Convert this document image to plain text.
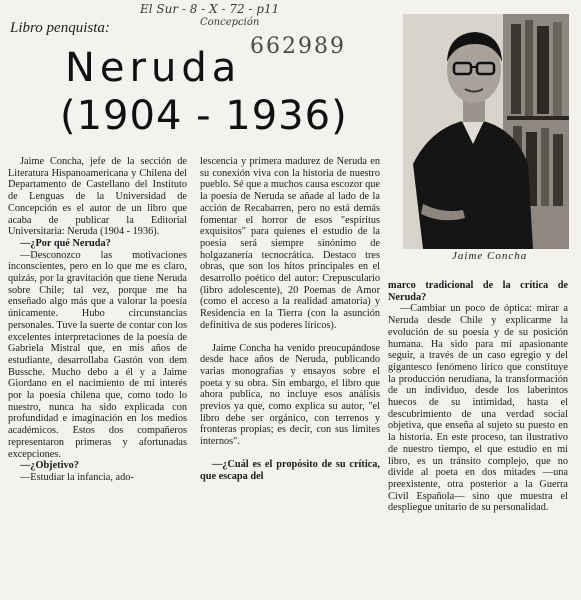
El Sur - 8 - X - 72 - p11
Concepción
662989
Libro penquista:
Neruda
(1904 - 1936)
Jaime Concha

Jaime Concha, jefe de la sección de Literatura Hispanoamericana y Chilena del Departamento de Castellano del Instituto de Lenguas de la Universidad de Concepción es el autor de un libro que acaba de publicar la Editorial Universitaria: Neruda (1904 - 1936).

—¿Por qué Neruda?

—Desconozco las motivaciones inconscientes, pero en lo que me es claro, quizás, por la gravitación que tiene Neruda sobre Chile; tal vez, porque me ha enseñado algo más que a valorar la poesía únicamente. Hubo circunstancias personales. Tuve la suerte de contar con los excelentes interpretaciones de la poesía de Gabriela Mistral que, en mis años de estudiante, desarrollaba Gastón von dem Bussche. Mucho debo a él y a Jaime Giordano en el nacimiento de mi interés por la poesía chilena que, como todo lo nuestro, nunca ha sido explicada con profundidad e imaginación en los medios académicos. Estos dos compañeros representaron primeras y afortunadas excepciones.

—¿Objetivo?

—Estudiar la infancia, ado-

lescencia y primera madurez de Neruda en su conexión viva con la historia de nuestro pueblo. Sé que a muchos causa escozor que la poesía de Neruda se añade al lado de la acción de Recabarren, pero no está demás fomentar el horror de esos "espíritus exquisitos" para quienes el estudio de la poesía será siempre sinónimo de holgazanería tecnocrática. Destaco tres obras, que son los hitos principales en el desarrollo poético del autor: Crepusculario (libro adolescente), 20 Poemas de Amor (como el acceso a la realidad amatoria) y Residencia en la Tierra (con la asunción definitiva de sus poderes líricos).

Jaime Concha ha venido preocupándose desde hace años de Neruda, publicando varias monografías y ensayos sobre el poeta y su obra. Sin embargo, el libro que ahora publica, no incluye esos análisis previos ya que, como explica su autor, "el libro debe ser orgánico, con terrenos y fronteras propias; es decir, con sus límites internos".

—¿Cuál es el propósito de su crítica, que escapa del

marco tradicional de la crítica de Neruda?

—Cambiar un poco de óptica: mirar a Neruda desde Chile y explicarme la evolución de su poesía y de su posición humana. Ha sido para mí apasionante seguir, a través de un caso egregio y del gigantesco fenómeno lírico que constituye la producción nerudiana, la transformación de un individuo, desde los laberintos huecos de su intimidad, hasta el descubrimiento de una verdad social objetiva, que enseña al sujeto su puesto en la historia. En este proceso, tan ilustrativo de nuestro tiempo, el que estudio en mi libro, es un tránsito complejo, que no divide al poeta en dos mitades —una preexistente, otra posterior a la Guerra Civil Española— sino que muestra el despliegue unitario de su personalidad.
